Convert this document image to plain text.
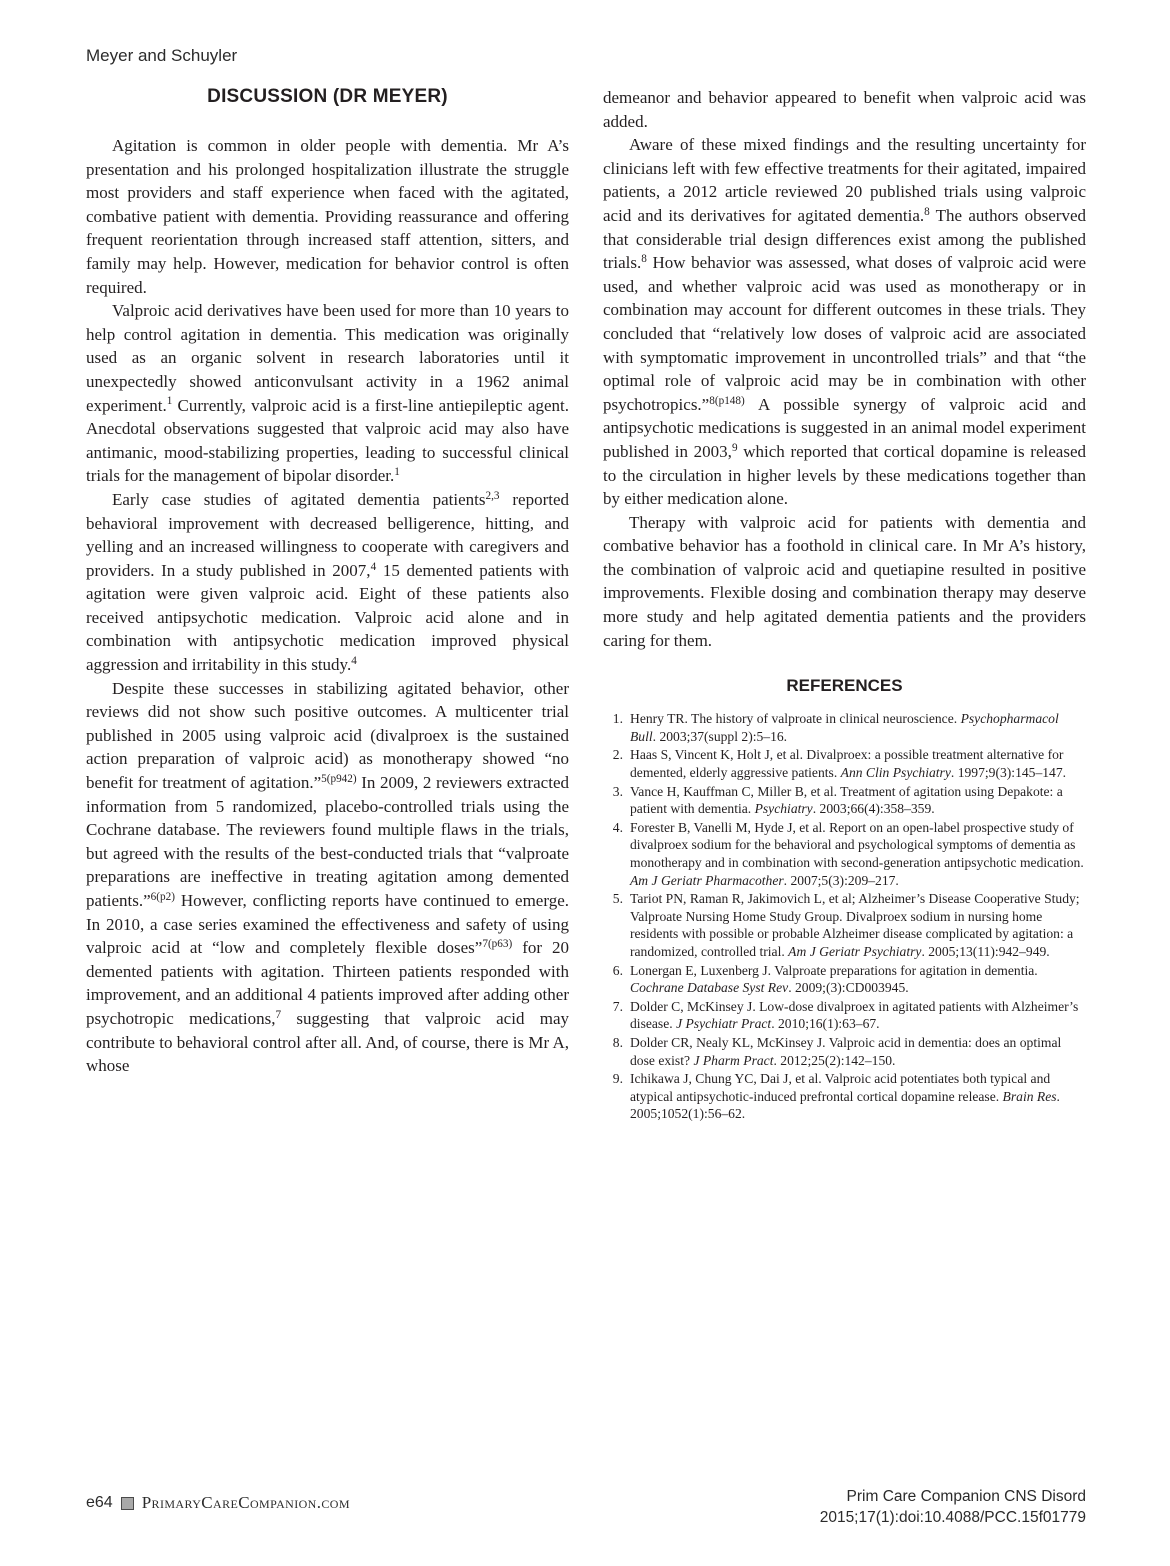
Meyer and Schuyler
DISCUSSION (DR MEYER)

Agitation is common in older people with dementia. Mr A’s presentation and his prolonged hospitalization illustrate the struggle most providers and staff experience when faced with the agitated, combative patient with dementia. Providing reassurance and offering frequent reorientation through increased staff attention, sitters, and family may help. However, medication for behavior control is often required.

Valproic acid derivatives have been used for more than 10 years to help control agitation in dementia. This medication was originally used as an organic solvent in research laboratories until it unexpectedly showed anticonvulsant activity in a 1962 animal experiment.$^1$ Currently, valproic acid is a first-line antiepileptic agent. Anecdotal observations suggested that valproic acid may also have antimanic, mood-stabilizing properties, leading to successful clinical trials for the management of bipolar disorder.$^1$

Early case studies of agitated dementia patients$^{2,3}$ reported behavioral improvement with decreased belligerence, hitting, and yelling and an increased willingness to cooperate with caregivers and providers. In a study published in 2007,$^4$ 15 demented patients with agitation were given valproic acid. Eight of these patients also received antipsychotic medication. Valproic acid alone and in combination with antipsychotic medication improved physical aggression and irritability in this study.$^4$

Despite these successes in stabilizing agitated behavior, other reviews did not show such positive outcomes. A multicenter trial published in 2005 using valproic acid (divalproex is the sustained action preparation of valproic acid) as monotherapy showed “no benefit for treatment of agitation.”$^{5(p942)}$ In 2009, 2 reviewers extracted information from 5 randomized, placebo-controlled trials using the Cochrane database. The reviewers found multiple flaws in the trials, but agreed with the results of the best-conducted trials that “valproate preparations are ineffective in treating agitation among demented patients.”$^{6(p2)}$ However, conflicting reports have continued to emerge. In 2010, a case series examined the effectiveness and safety of using valproic acid at “low and completely flexible doses”$^{7(p63)}$ for 20 demented patients with agitation. Thirteen patients responded with improvement, and an additional 4 patients improved after adding other psychotropic medications,$^7$ suggesting that valproic acid may contribute to behavioral control after all. And, of course, there is Mr A, whose

demeanor and behavior appeared to benefit when valproic acid was added.

Aware of these mixed findings and the resulting uncertainty for clinicians left with few effective treatments for their agitated, impaired patients, a 2012 article reviewed 20 published trials using valproic acid and its derivatives for agitated dementia.$^8$ The authors observed that considerable trial design differences exist among the published trials.$^8$ How behavior was assessed, what doses of valproic acid were used, and whether valproic acid was used as monotherapy or in combination may account for different outcomes in these trials. They concluded that “relatively low doses of valproic acid are associated with symptomatic improvement in uncontrolled trials” and that “the optimal role of valproic acid may be in combination with other psychotropics.”$^{8(p148)}$ A possible synergy of valproic acid and antipsychotic medications is suggested in an animal model experiment published in 2003,$^9$ which reported that cortical dopamine is released to the circulation in higher levels by these medications together than by either medication alone.

Therapy with valproic acid for patients with dementia and combative behavior has a foothold in clinical care. In Mr A’s history, the combination of valproic acid and quetiapine resulted in positive improvements. Flexible dosing and combination therapy may deserve more study and help agitated dementia patients and the providers caring for them.

REFERENCES
1. Henry TR. The history of valproate in clinical neuroscience. Psychopharmacol Bull. 2003;37(suppl 2):5–16.
2. Haas S, Vincent K, Holt J, et al. Divalproex: a possible treatment alternative for demented, elderly aggressive patients. Ann Clin Psychiatry. 1997;9(3):145–147.
3. Vance H, Kauffman C, Miller B, et al. Treatment of agitation using Depakote: a patient with dementia. Psychiatry. 2003;66(4):358–359.
4. Forester B, Vanelli M, Hyde J, et al. Report on an open-label prospective study of divalproex sodium for the behavioral and psychological symptoms of dementia as monotherapy and in combination with second-generation antipsychotic medication. Am J Geriatr Pharmacother. 2007;5(3):209–217.
5. Tariot PN, Raman R, Jakimovich L, et al; Alzheimer’s Disease Cooperative Study; Valproate Nursing Home Study Group. Divalproex sodium in nursing home residents with possible or probable Alzheimer disease complicated by agitation: a randomized, controlled trial. Am J Geriatr Psychiatry. 2005;13(11):942–949.
6. Lonergan E, Luxenberg J. Valproate preparations for agitation in dementia. Cochrane Database Syst Rev. 2009;(3):CD003945.
7. Dolder C, McKinsey J. Low-dose divalproex in agitated patients with Alzheimer’s disease. J Psychiatr Pract. 2010;16(1):63–67.
8. Dolder CR, Nealy KL, McKinsey J. Valproic acid in dementia: does an optimal dose exist? J Pharm Pract. 2012;25(2):142–150.
9. Ichikawa J, Chung YC, Dai J, et al. Valproic acid potentiates both typical and atypical antipsychotic-induced prefrontal cortical dopamine release. Brain Res. 2005;1052(1):56–62.
e64 PrimaryCareCompanion.com	Prim Care Companion CNS Disord
2015;17(1):doi:10.4088/PCC.15f01779
